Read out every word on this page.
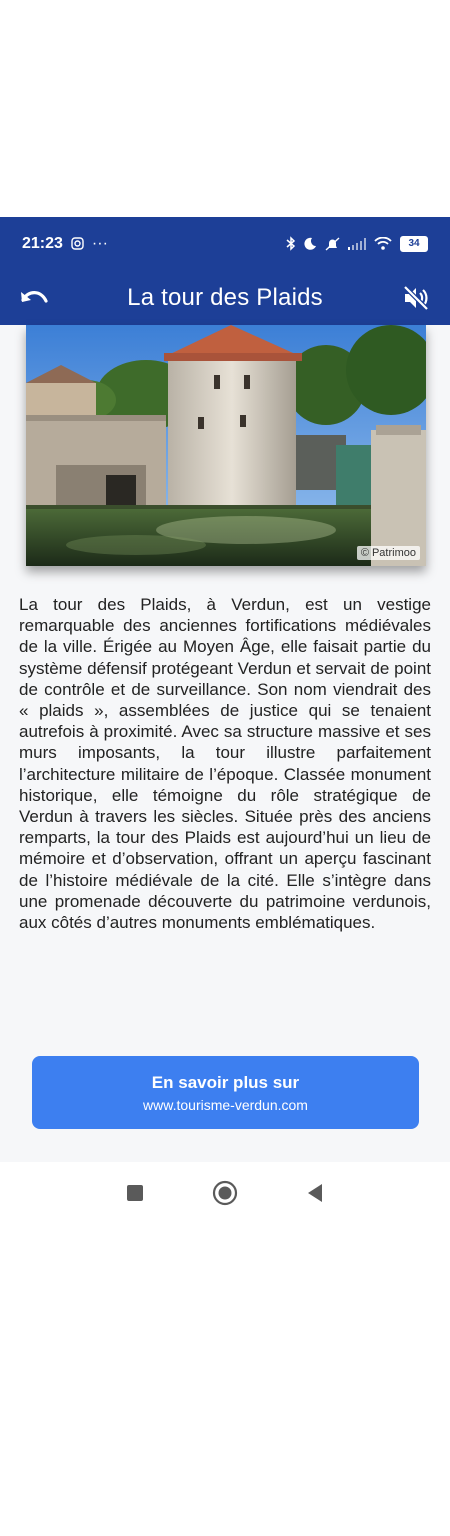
21:23 ···	34
La tour des Plaids
© Patrimoo

La tour des Plaids, à Verdun, est un vestige remarquable des anciennes fortifications médiévales de la ville. Érigée au Moyen Âge, elle faisait partie du système défensif protégeant Verdun et servait de point de contrôle et de surveillance. Son nom viendrait des « plaids », assemblées de justice qui se tenaient autrefois à proximité. Avec sa structure massive et ses murs imposants, la tour illustre parfaitement l’architecture militaire de l’époque. Classée monument historique, elle témoigne du rôle stratégique de Verdun à travers les siècles. Située près des anciens remparts, la tour des Plaids est aujourd’hui un lieu de mémoire et d’observation, offrant un aperçu fascinant de l’histoire médiévale de la cité. Elle s’intègre dans une promenade découverte du patrimoine verdunois, aux côtés d’autres monuments emblématiques.

En savoir plus sur
www.tourisme-verdun.com
